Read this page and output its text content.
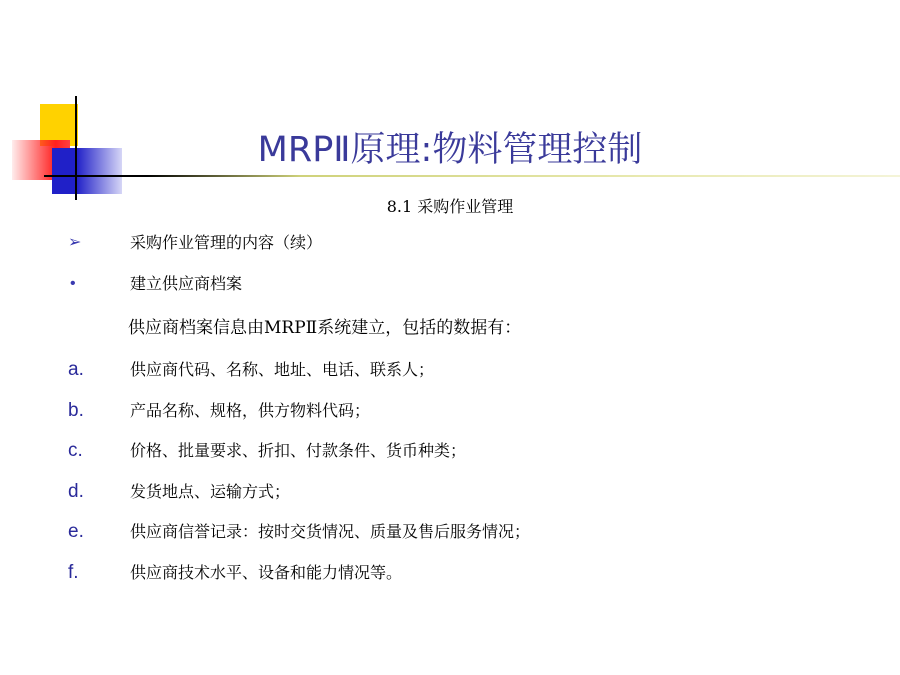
MRPⅡ原理:物料管理控制
8.1 采购作业管理
➢	采购作业管理的内容（续）
•	建立供应商档案
供应商档案信息由MRPⅡ系统建立，包括的数据有：
a.	供应商代码、名称、地址、电话、联系人；
b.	产品名称、规格，供方物料代码；
c.	价格、批量要求、折扣、付款条件、货币种类；
d.	发货地点、运输方式；
e.	供应商信誉记录：按时交货情况、质量及售后服务情况；
f.	供应商技术水平、设备和能力情况等。
